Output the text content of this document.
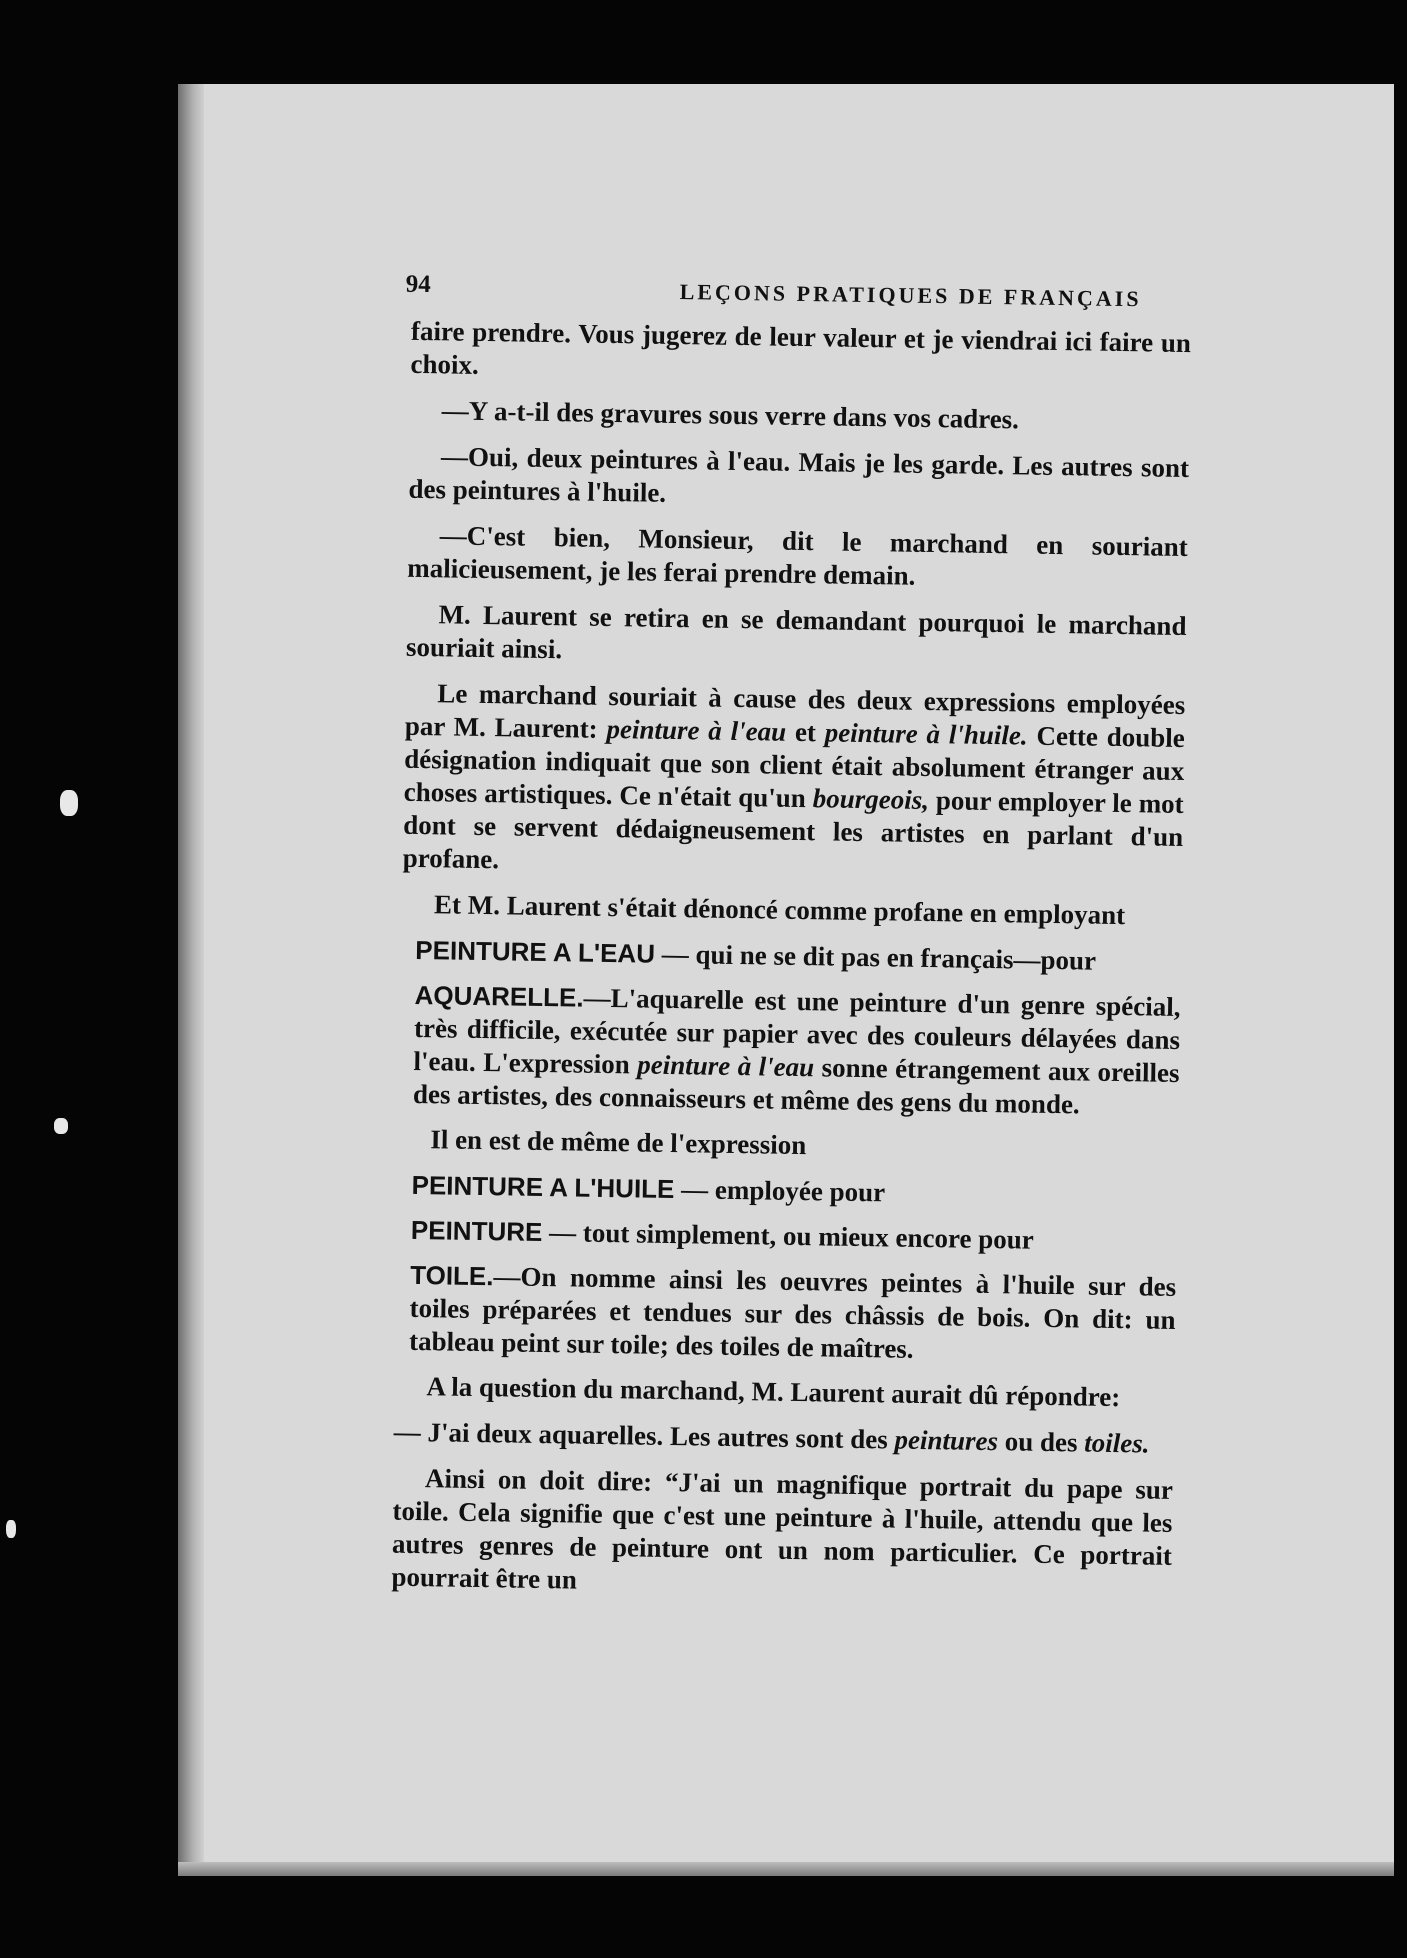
94	LEÇONS PRATIQUES DE FRANÇAIS

faire prendre. Vous jugerez de leur valeur et je viendrai ici faire un choix.

—Y a-t-il des gravures sous verre dans vos cadres.

—Oui, deux peintures à l'eau. Mais je les garde. Les autres sont des peintures à l'huile.

—C'est bien, Monsieur, dit le marchand en souriant malicieusement, je les ferai prendre demain.

M. Laurent se retira en se demandant pourquoi le marchand souriait ainsi.

Le marchand souriait à cause des deux expressions employées par M. Laurent: peinture à l'eau et peinture à l'huile. Cette double désignation indiquait que son client était absolument étranger aux choses artistiques. Ce n'était qu'un bourgeois, pour employer le mot dont se servent dédaigneusement les artistes en parlant d'un profane.

Et M. Laurent s'était dénoncé comme profane en employant

PEINTURE A L'EAU — qui ne se dit pas en français—pour
AQUARELLE.—L'aquarelle est une peinture d'un genre spécial, très difficile, exécutée sur papier avec des couleurs délayées dans l'eau. L'expression peinture à l'eau sonne étrangement aux oreilles des artistes, des connaisseurs et même des gens du monde.

Il en est de même de l'expression

PEINTURE A L'HUILE — employée pour
PEINTURE — tout simplement, ou mieux encore pour
TOILE.—On nomme ainsi les oeuvres peintes à l'huile sur des toiles préparées et tendues sur des châssis de bois. On dit: un tableau peint sur toile; des toiles de maîtres.

A la question du marchand, M. Laurent aurait dû répondre:

— J'ai deux aquarelles. Les autres sont des peintures ou des toiles.

Ainsi on doit dire: “J'ai un magnifique portrait du pape sur toile. Cela signifie que c'est une peinture à l'huile, attendu que les autres genres de peinture ont un nom particulier. Ce portrait pourrait être un
